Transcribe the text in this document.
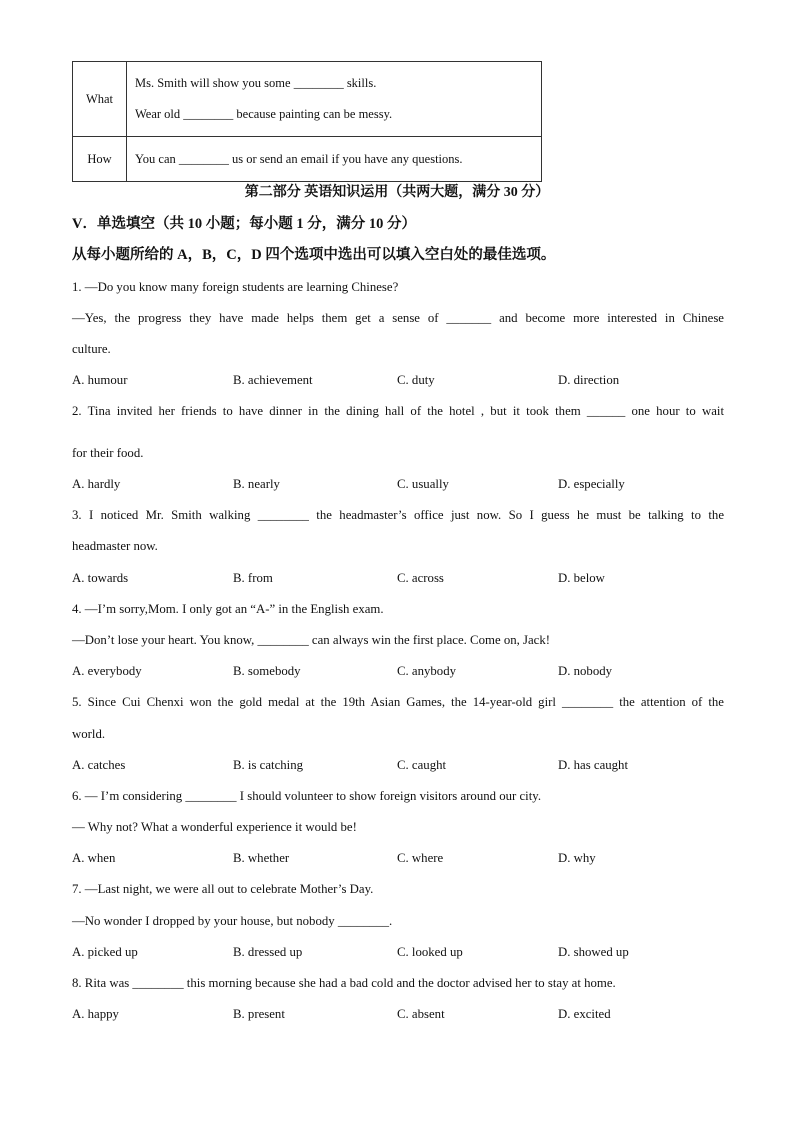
What	Ms. Smith will show you some ________ skills.
Wear old ________ because painting can be messy.

How	You can ________ us or send an email if you have any questions.
第二部分 英语知识运用（共两大题，满分 30 分）
V．单选填空（共 10 小题；每小题 1 分，满分 10 分）
从每小题所给的 A，B，C，D 四个选项中选出可以填入空白处的最佳选项。
1. —Do you know many foreign students are learning Chinese?
—Yes, the progress they have made helps them get a sense of _______ and become more interested in Chinese
culture.
A. humour	B. achievement	C. duty	D. direction
2. Tina invited her friends to have dinner in the dining hall of the hotel , but it took them ______ one hour to wait
for their food.
A. hardly	B. nearly	C. usually	D. especially
3. I noticed Mr. Smith walking ________ the headmaster’s office just now. So I guess he must be talking to the
headmaster now.
A. towards	B. from	C. across	D. below
4. —I’m sorry,Mom. I only got an “A-” in the English exam.
—Don’t lose your heart. You know, ________ can always win the first place. Come on, Jack!
A. everybody	B. somebody	C. anybody	D. nobody
5. Since Cui Chenxi won the gold medal at the 19th Asian Games, the 14-year-old girl ________ the attention of the
world.
A. catches	B. is catching	C. caught	D. has caught
6. — I’m considering ________ I should volunteer to show foreign visitors around our city.
— Why not? What a wonderful experience it would be!
A. when	B. whether	C. where	D. why
7. —Last night, we were all out to celebrate Mother’s Day.
—No wonder I dropped by your house, but nobody ________.
A. picked up	B. dressed up	C. looked up	D. showed up
8. Rita was ________ this morning because she had a bad cold and the doctor advised her to stay at home.
A. happy	B. present	C. absent	D. excited
